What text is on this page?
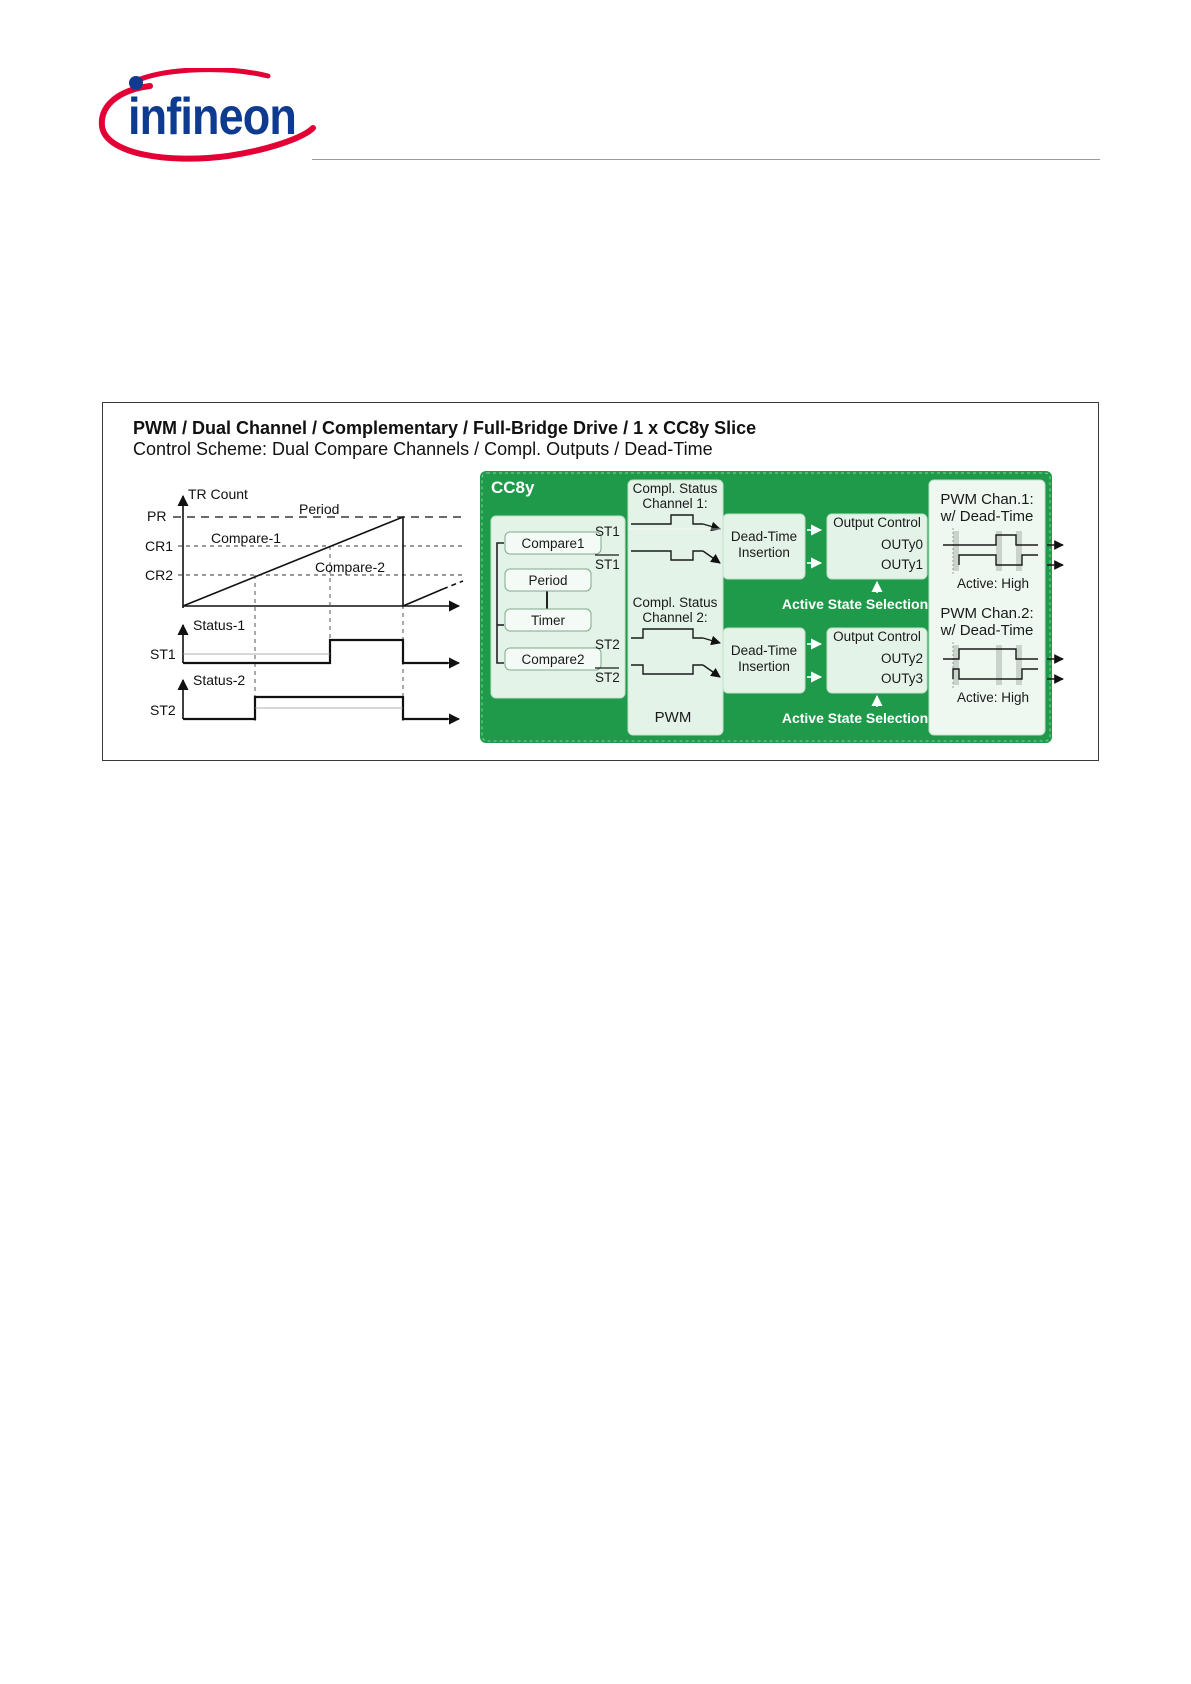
infineon
PWM / Dual Channel / Complementary / Full-Bridge Drive / 1 x CC8y Slice
Control Scheme: Dual Compare Channels / Compl. Outputs / Dead-Time
TR Count
Period
PR
CR1
CR2
Compare-1
Compare-2
Status-1
ST1
Status-2
ST2
CC8y
Compare1
Period
Timer
Compare2
ST1
ST1
ST2
ST2
Compl. Status
Channel 1:
Compl. Status
Channel 2:
PWM
Dead-Time
Insertion
Dead-Time
Insertion
Output Control
OUTy0
OUTy1
Output Control
OUTy2
OUTy3
Active State Selection
Active State Selection
PWM Chan.1:
w/ Dead-Time
Active: High
PWM Chan.2:
w/ Dead-Time
Active: High
